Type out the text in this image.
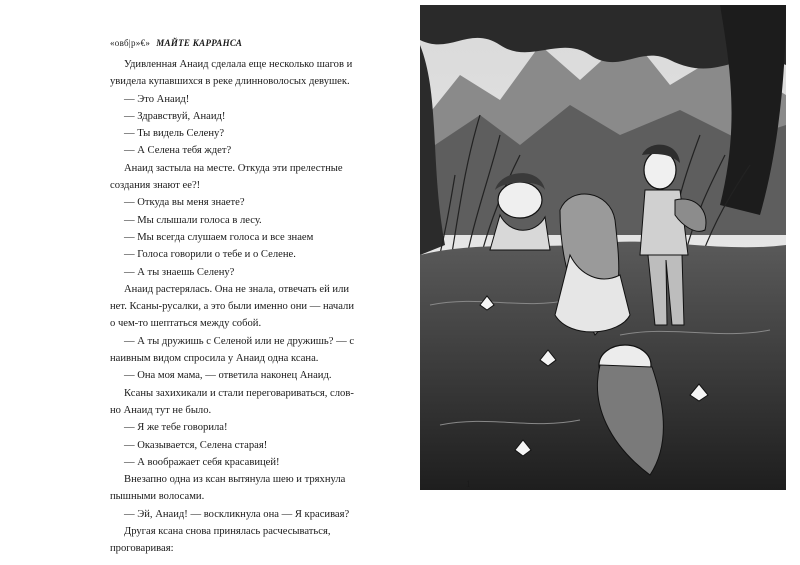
«овб|р»€» МАЙТЕ КАРРАНСА
Удивленная Анаид сделала еще несколько шагов и
увидела купавшихся в реке длинноволосых девушек.
— Это Анаид!
— Здравствуй, Анаид!
— Ты видель Селену?
— А Селена тебя ждет?
Анаид застыла на месте. Откуда эти прелестные
создания знают ее?!
— Откуда вы меня знаете?
— Мы слышали голоса в лесу.
— Мы всегда слушаем голоса и все знаем
— Голоса говорили о тебе и о Селене.
— А ты знаешь Селену?
Анаид растерялась. Она не знала, отвечать ей или
нет. Ксаны-русалки, а это были именно они — начали
о чем-то шептаться между собой.
— А ты дружишь с Селеной или не дружишь? — с
наивным видом спросила у Анаид одна ксана.
— Она моя мама, — ответила наконец Анаид.
Ксаны захихикали и стали переговариваться, слов-
но Анаид тут не было.
— Я же тебе говорила!
— Оказывается, Селена старая!
— А воображает себя красавицей!
Внезапно одна из ксан вытянула шею и тряхнула
пышными волосами.
— Эй, Анаид! — воскликнула она — Я красивая?
Другая ксана снова принялась расчесываться,
проговаривая:
1
